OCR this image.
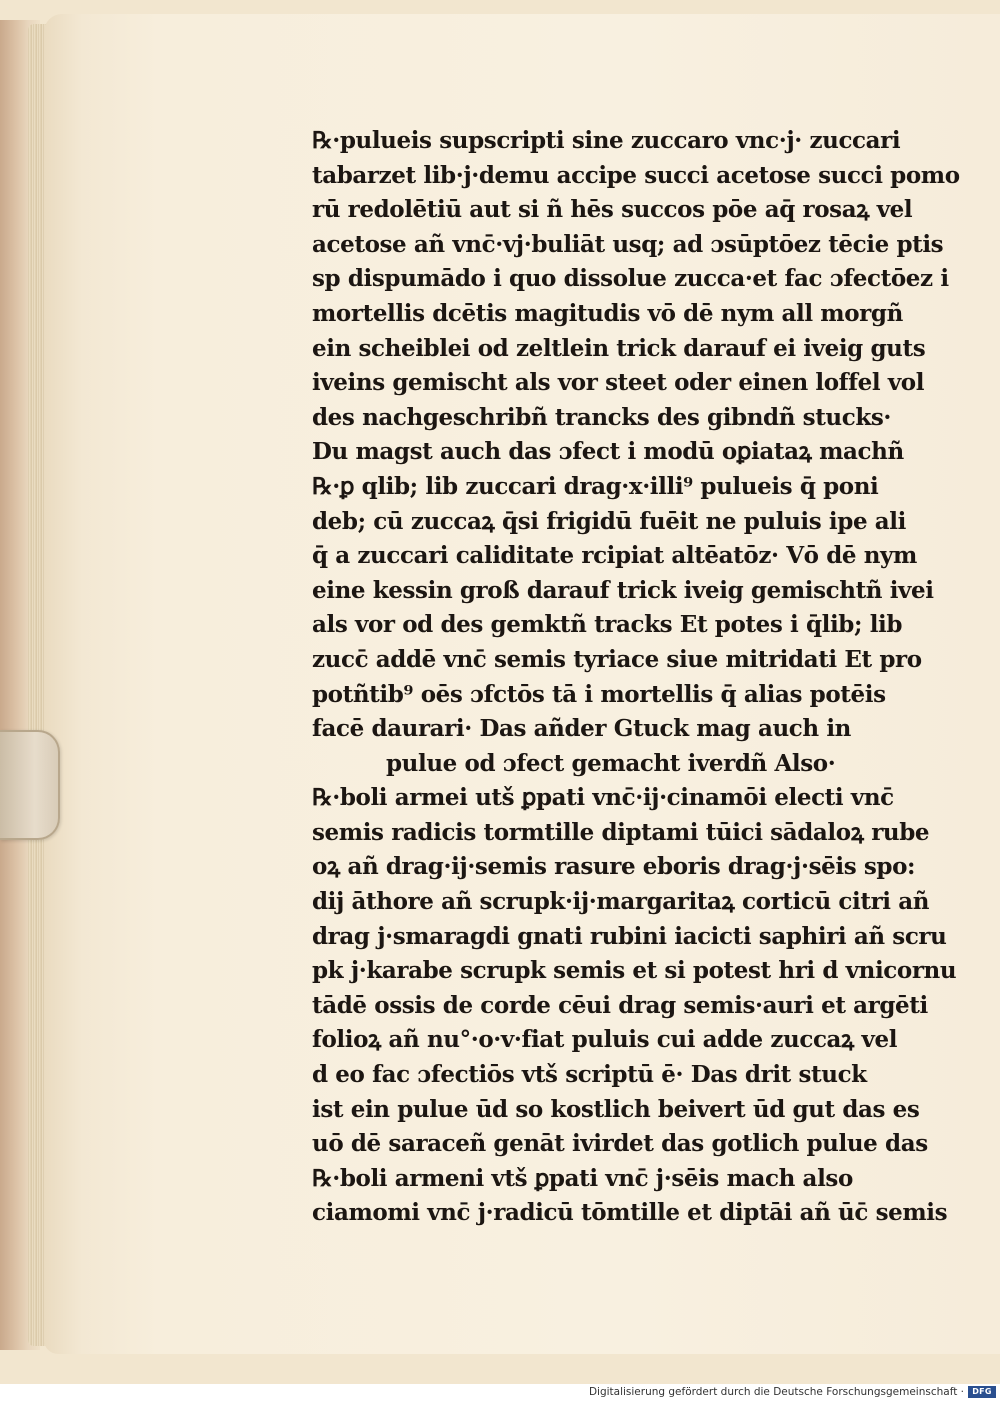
℞·pulueis supscripti sine zuccaro vnc·j· zuccari
tabarzet lib·j·demu accipe succi acetose succi pomo
rū redolētiū aut si ñ hēs succos pōe aq̄ rosaꝝ vel
acetose añ vnc̄·vj·buliāt usq; ad ɔsūptōez tēcie ptis
sp dispumādo i quo dissolue zucca·et fac ɔfectōez i
mortellis dcētis magitudis vō dē nym all morgñ
ein scheiblei od zeltlein trick darauf ei iveig guts
iveins gemischt als vor steet oder einen loffel vol
des nachgeschribñ trancks des gibndñ stucks·
Du magst auch das ɔfect i modū oꝑiataꝝ machñ
℞·ꝑ qlib; lib zuccari drag·x·illi⁹ pulueis q̄ poni
deb; cū zuccaꝝ q̄si frigidū fuēit ne puluis ipe ali
q̄ a zuccari caliditate rcipiat altēatōz· Vō dē nym
eine kessin groß darauf trick iveig gemischtñ ivei
als vor od des gemktñ tracks Et potes i q̄lib; lib
zucc̄ addē vnc̄ semis tyriace siue mitridati Et pro
potñtib⁹ oēs ɔfctōs tā i mortellis q̄ alias potēis
facē daurari· Das añder Gtuck mag auch in
pulue od ɔfect gemacht iverdñ Also·
℞·boli armei utš ꝑpati vnc̄·ij·cinamōi electi vnc̄
semis radicis tormtille diptami tūici sādaloꝝ rube
oꝝ añ drag·ij·semis rasure eboris drag·j·sēis spo:
dij āthore añ scrupk·ij·margaritaꝝ corticū citri añ
drag j·smaragdi gnati rubini iacicti saphiri añ scru
pk j·karabe scrupk semis et si potest hri d vnicornu
tādē ossis de corde cēui drag semis·auri et argēti
folioꝝ añ nu°·o·v·fiat puluis cui adde zuccaꝝ vel
d eo fac ɔfectiōs vtš scriptū ē· Das drit stuck
ist ein pulue ūd so kostlich beivert ūd gut das es
uō dē saraceñ genāt ivirdet das gotlich pulue das
℞·boli armeni vtš ꝑpati vnc̄ j·sēis mach also
ciamomi vnc̄ j·radicū tōmtille et diptāi añ ūc̄ semis
Digitalisierung gefördert durch die Deutsche Forschungsgemeinschaft · DFG
